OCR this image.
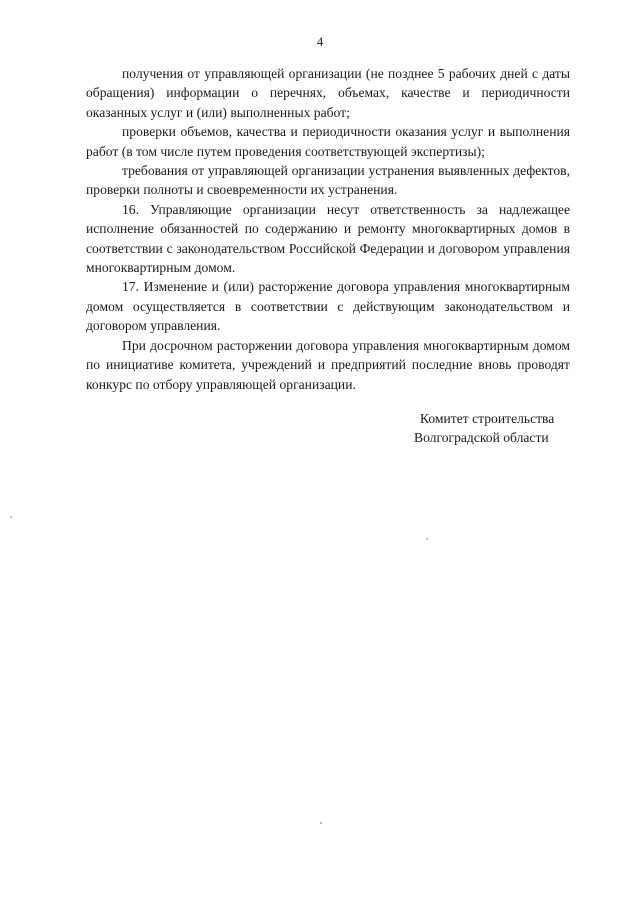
4

получения от управляющей организации (не позднее 5 рабочих дней с даты обращения) информации о перечнях, объемах, качестве и периодичности оказанных услуг и (или) выполненных работ;

проверки объемов, качества и периодичности оказания услуг и выполнения работ (в том числе путем проведения соответствующей экспертизы);

требования от управляющей организации устранения выявленных дефектов, проверки полноты и своевременности их устранения.

16. Управляющие организации несут ответственность за надлежащее исполнение обязанностей по содержанию и ремонту многоквартирных домов в соответствии с законодательством Российской Федерации и договором управления многоквартирным домом.

17. Изменение и (или) расторжение договора управления многоквартирным домом осуществляется в соответствии с действующим законодательством и договором управления.

При досрочном расторжении договора управления многоквартирным домом по инициативе комитета, учреждений и предприятий последние вновь проводят конкурс по отбору управляющей организации.

Комитет строительства
Волгоградской области
